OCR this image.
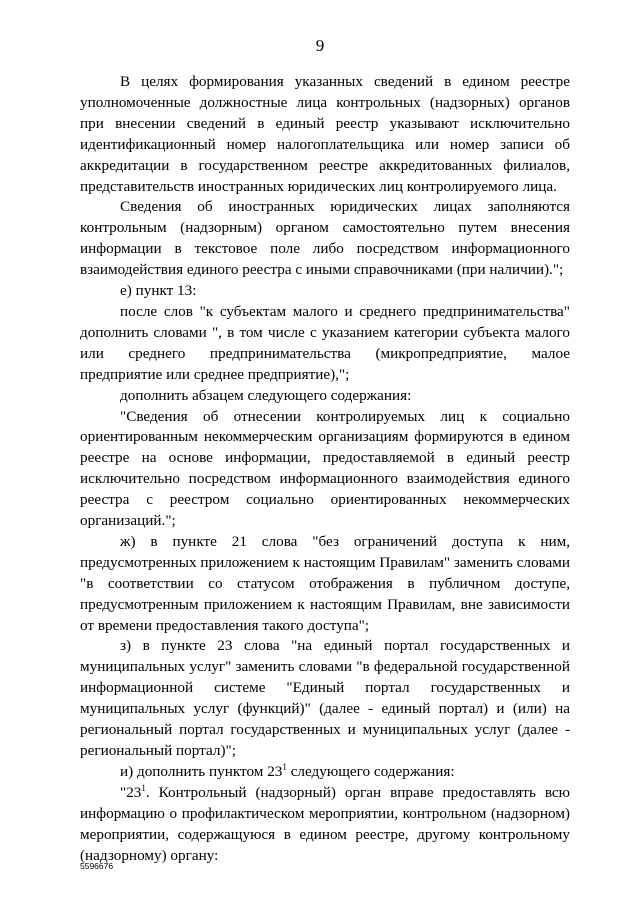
9

В целях формирования указанных сведений в едином реестре уполномоченные должностные лица контрольных (надзорных) органов при внесении сведений в единый реестр указывают исключительно идентификационный номер налогоплательщика или номер записи об аккредитации в государственном реестре аккредитованных филиалов, представительств иностранных юридических лиц контролируемого лица.

Сведения об иностранных юридических лицах заполняются контрольным (надзорным) органом самостоятельно путем внесения информации в текстовое поле либо посредством информационного взаимодействия единого реестра с иными справочниками (при наличии).";

е) пункт 13:

после слов "к субъектам малого и среднего предпринимательства" дополнить словами ", в том числе с указанием категории субъекта малого или среднего предпринимательства (микропредприятие, малое предприятие или среднее предприятие),";

дополнить абзацем следующего содержания:

"Сведения об отнесении контролируемых лиц к социально ориентированным некоммерческим организациям формируются в едином реестре на основе информации, предоставляемой в единый реестр исключительно посредством информационного взаимодействия единого реестра с реестром социально ориентированных некоммерческих организаций.";

ж) в пункте 21 слова "без ограничений доступа к ним, предусмотренных приложением к настоящим Правилам" заменить словами "в соответствии со статусом отображения в публичном доступе, предусмотренным приложением к настоящим Правилам, вне зависимости от времени предоставления такого доступа";

з) в пункте 23 слова "на единый портал государственных и муниципальных услуг" заменить словами "в федеральной государственной информационной системе "Единый портал государственных и муниципальных услуг (функций)" (далее - единый портал) и (или) на региональный портал государственных и муниципальных услуг (далее - региональный портал)";

и) дополнить пунктом $23^1$ следующего содержания:

"$23^1$. Контрольный (надзорный) орган вправе предоставлять всю информацию о профилактическом мероприятии, контрольном (надзорном) мероприятии, содержащуюся в едином реестре, другому контрольному (надзорному) органу:

5596676
